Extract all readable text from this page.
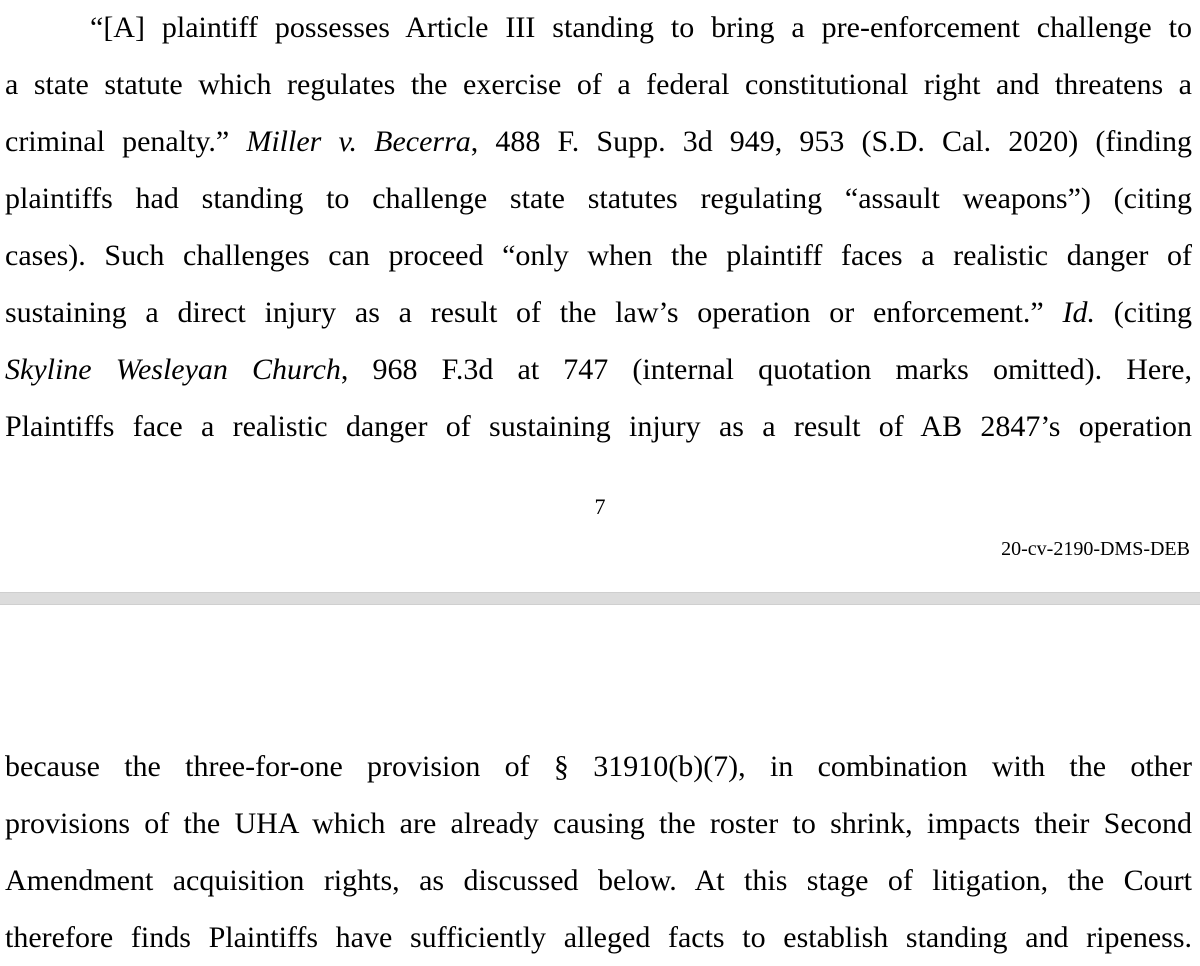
“[A] plaintiff possesses Article III standing to bring a pre-enforcement challenge to
a state statute which regulates the exercise of a federal constitutional right and threatens a
criminal penalty.” Miller v. Becerra, 488 F. Supp. 3d 949, 953 (S.D. Cal. 2020) (finding
plaintiffs had standing to challenge state statutes regulating “assault weapons”) (citing
cases). Such challenges can proceed “only when the plaintiff faces a realistic danger of
sustaining a direct injury as a result of the law’s operation or enforcement.” Id. (citing
Skyline Wesleyan Church, 968 F.3d at 747 (internal quotation marks omitted). Here,
Plaintiffs face a realistic danger of sustaining injury as a result of AB 2847’s operation
7
20-cv-2190-DMS-DEB
because the three-for-one provision of § 31910(b)(7), in combination with the other
provisions of the UHA which are already causing the roster to shrink, impacts their Second
Amendment acquisition rights, as discussed below. At this stage of litigation, the Court
therefore finds Plaintiffs have sufficiently alleged facts to establish standing and ripeness.
